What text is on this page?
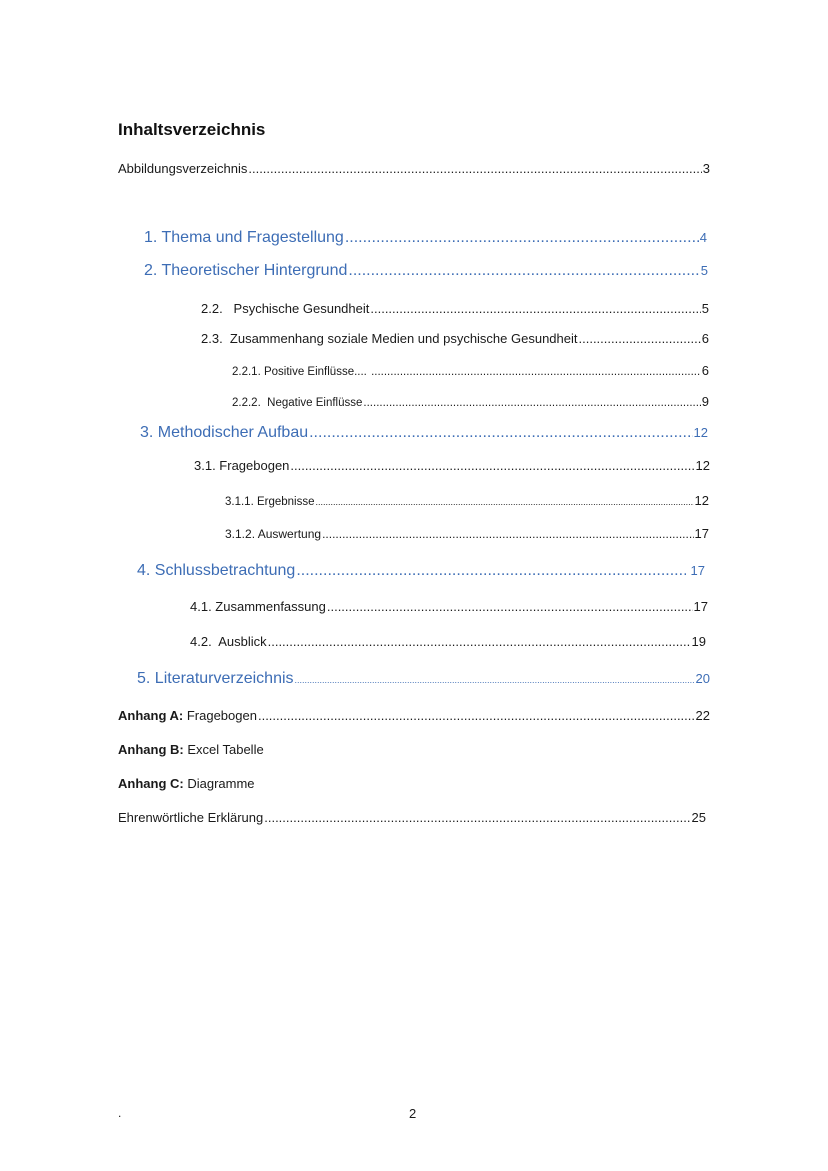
Inhaltsverzeichnis
Abbildungsverzeichnis .....	3
1. Thema und Fragestellung .....	4
2. Theoretischer Hintergrund .....	5
2.2.   Psychische Gesundheit .....	5
2.3.  Zusammenhang soziale Medien und psychische Gesundheit .....	6
2.2.1. Positive Einflüsse.... .....	6
2.2.2.  Negative Einflüsse .....	9
3. Methodischer Aufbau .....	12
3.1. Fragebogen .....	12
3.1.1. Ergebnisse .....	12
3.1.2. Auswertung .....	17
4. Schlussbetrachtung .....	17
4.1. Zusammenfassung .....	17
4.2.  Ausblick .....	19
5. Literaturverzeichnis .....	20
Anhang A: Fragebogen .....	22
Anhang B: Excel Tabelle
Anhang C: Diagramme
Ehrenwörtliche Erklärung .....	25
.	2
